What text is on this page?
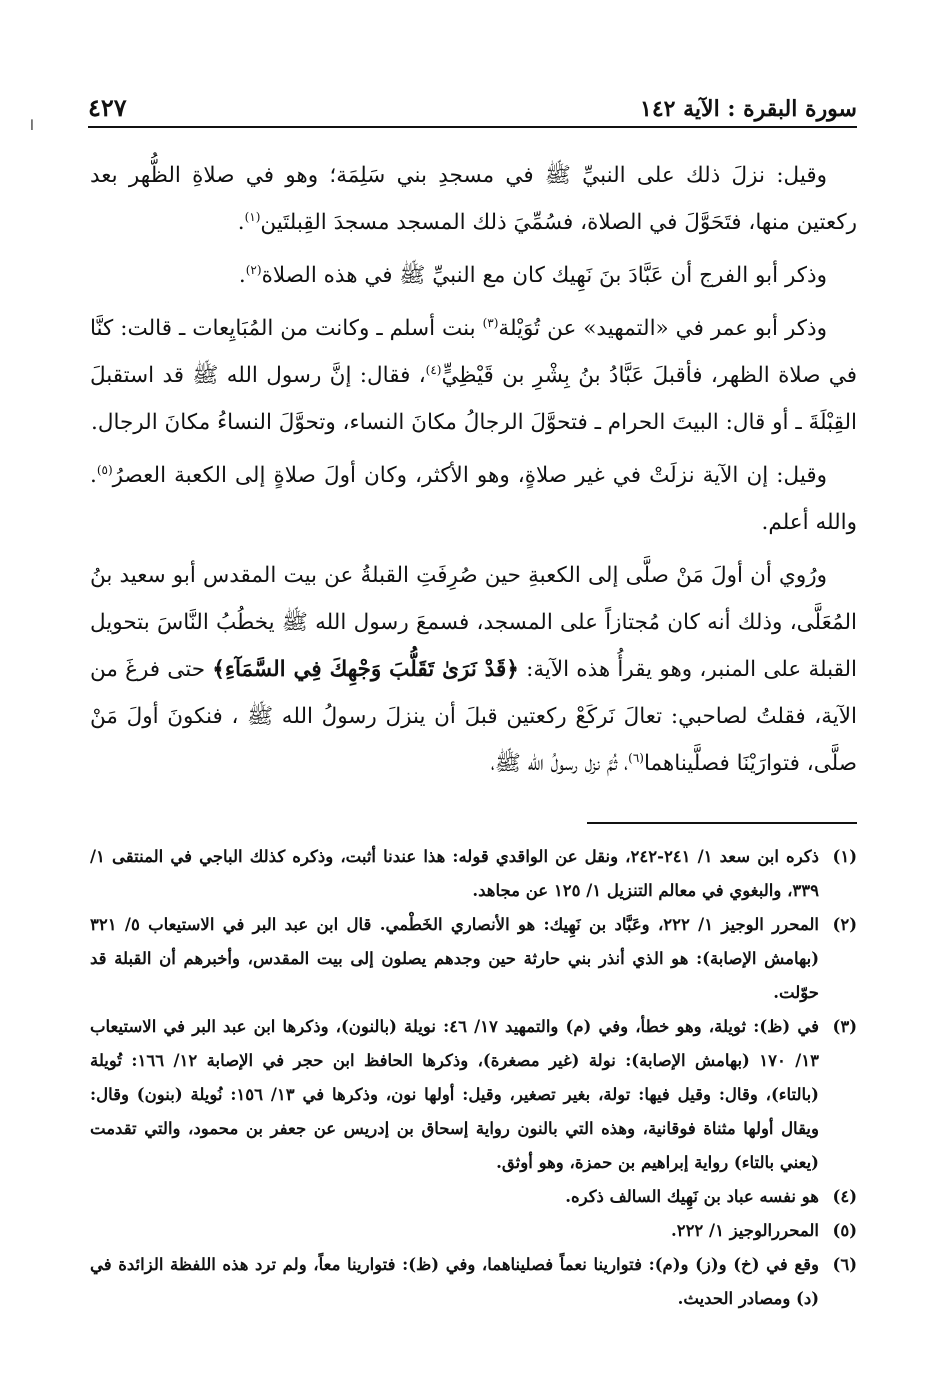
ﺍ
سورة البقرة : الآية ١٤٢
٤٢٧

وقيل: نزلَ ذلك على النبيِّ ﷺ في مسجدِ بني سَلِمَة؛ وهو في صلاةِ الظُّهر بعد ركعتين منها، فتَحَوَّلَ في الصلاة، فسُمِّيَ ذلك المسجد مسجدَ القِبلتَين$^{(١)}$.

وذكر أبو الفرج أن عَبَّادَ بنَ نَهِيك كان مع النبيِّ ﷺ في هذه الصلاة$^{(٢)}$.

وذكر أبو عمر في «التمهيد» عن تُوَيْلة$^{(٣)}$ بنت أسلم ـ وكانت من المُبَايِعات ـ قالت: كنَّا في صلاة الظهر، فأقبلَ عَبَّادُ بنُ بِشْرِ بن قَيْظِيٍّ$^{(٤)}$، فقال: إنَّ رسول الله ﷺ قد استقبلَ القِبْلَةَ ـ أو قال: البيتَ الحرام ـ فتحوَّلَ الرجالُ مكانَ النساء، وتحوَّلَ النساءُ مكانَ الرجال.

وقيل: إن الآية نزلَتْ في غير صلاةٍ، وهو الأكثر، وكان أولَ صلاةٍ إلى الكعبة العصرُ$^{(٥)}$. والله أعلم.

ورُوي أن أولَ مَنْ صلَّى إلى الكعبةِ حين صُرِفَتِ القبلةُ عن بيت المقدس أبو سعيد بنُ المُعَلَّى، وذلك أنه كان مُجتازاً على المسجد، فسمعَ رسول الله ﷺ يخطُبُ النَّاسَ بتحويل القبلة على المنبر، وهو يقرأُ هذه الآية: ﴿قَدْ نَرَىٰ تَقَلُّبَ وَجْهِكَ فِي السَّمَآءِ﴾ حتى فرغَ من الآية، فقلتُ لصاحبي: تعالَ نَركَعْ ركعتين قبلَ أن ينزلَ رسولُ الله ﷺ ، فنكونَ أولَ مَنْ صلَّى، فتوارَيْنَا فصلَّيناهما$^{(٦)}$، ثُمَّ نزل رسولُ الله ﷺ،

(١)
ذكره ابن سعد ١/ ٢٤١-٢٤٢، ونقل عن الواقدي قوله: هذا عندنا أثبت، وذكره كذلك الباجي في المنتقى ١/ ٣٣٩، والبغوي في معالم التنزيل ١/ ١٢٥ عن مجاهد.
(٢)
المحرر الوجيز ١/ ٢٢٢، وعَبَّاد بن نَهِيك: هو الأنصاري الخَطْمي. قال ابن عبد البر في الاستيعاب ٥/ ٣٢١ (بهامش الإصابة): هو الذي أنذر بني حارثة حين وجدهم يصلون إلى بيت المقدس، وأخبرهم أن القبلة قد حوّلت.
(٣)
في (ظ): ثويلة، وهو خطأ، وفي (م) والتمهيد ١٧/ ٤٦: نويلة (بالنون)، وذكرها ابن عبد البر في الاستيعاب ١٣/ ١٧٠ (بهامش الإصابة): نولة (غير مصغرة)، وذكرها الحافظ ابن حجر في الإصابة ١٢/ ١٦٦: تُويلة (بالتاء)، وقال: وقيل فيها: تولة، بغير تصغير، وقيل: أولها نون، وذكرها في ١٣/ ١٥٦: نُويلة (بنون) وقال: ويقال أولها مثناة فوقانية، وهذه التي بالنون رواية إسحاق بن إدريس عن جعفر بن محمود، والتي تقدمت (يعني بالتاء) رواية إبراهيم بن حمزة، وهو أوثق.
(٤)
هو نفسه عباد بن نَهِيك السالف ذكره.
(٥)
المحررالوجيز ١/ ٢٢٢.
(٦)
وقع في (خ) و(ز) و(م): فتوارينا نعماً فصليناهما، وفي (ظ): فتوارينا معاً، ولم ترد هذه اللفظة الزائدة في (د) ومصادر الحديث.
